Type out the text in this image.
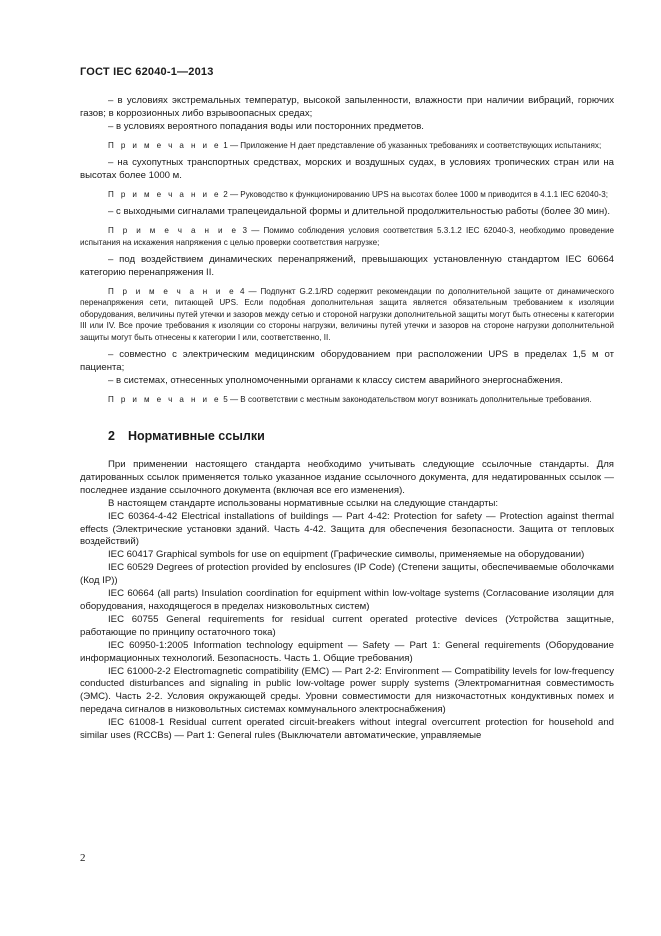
ГОСТ IEC 62040-1—2013

– в условиях экстремальных температур, высокой запыленности, влажности при наличии вибраций, горючих газов; в коррозионных либо взрывоопасных средах;

– в условиях вероятного попадания воды или посторонних предметов.

П р и м е ч а н и е 1 — Приложение H дает представление об указанных требованиях и соответствующих испытаниях;

– на сухопутных транспортных средствах, морских и воздушных судах, в условиях тропических стран или на высотах более 1000 м.

П р и м е ч а н и е 2 — Руководство к функционированию UPS на высотах более 1000 м приводится в 4.1.1 IEC 62040-3;

– с выходными сигналами трапецеидальной формы и длительной продолжительностью работы (более 30 мин).

П р и м е ч а н и е 3 — Помимо соблюдения условия соответствия 5.3.1.2 IEC 62040-3, необходимо проведение испытания на искажения напряжения с целью проверки соответствия нагрузке;

– под воздействием динамических перенапряжений, превышающих установленную стандартом IEC 60664 категорию перенапряжения II.

П р и м е ч а н и е 4 — Подпункт G.2.1/RD содержит рекомендации по дополнительной защите от динамического перенапряжения сети, питающей UPS. Если подобная дополнительная защита является обязательным требованием к изоляции оборудования, величины путей утечки и зазоров между сетью и стороной нагрузки дополнительной защиты могут быть отнесены к категории III или IV. Все прочие требования к изоляции со стороны нагрузки, величины путей утечки и зазоров на стороне нагрузки дополнительной защиты могут быть отнесены к категории I или, соответственно, II.

– совместно с электрическим медицинским оборудованием при расположении UPS в пределах 1,5 м от пациента;

– в системах, отнесенных уполномоченными органами к классу систем аварийного энергоснабжения.

П р и м е ч а н и е 5 — В соответствии с местным законодательством могут возникать дополнительные требования.

2 Нормативные ссылки

При применении настоящего стандарта необходимо учитывать следующие ссылочные стандарты. Для датированных ссылок применяется только указанное издание ссылочного документа, для недатированных ссылок — последнее издание ссылочного документа (включая все его изменения).

В настоящем стандарте использованы нормативные ссылки на следующие стандарты:

IEC 60364-4-42 Electrical installations of buildings — Part 4-42: Protection for safety — Protection against thermal effects (Электрические установки зданий. Часть 4-42. Защита для обеспечения безопасности. Защита от тепловых воздействий)

IEC 60417 Graphical symbols for use on equipment (Графические символы, применяемые на оборудовании)

IEC 60529 Degrees of protection provided by enclosures (IP Code) (Степени защиты, обеспечиваемые оболочками (Код IP))

IEC 60664 (all parts) Insulation coordination for equipment within low-voltage systems (Согласование изоляции для оборудования, находящегося в пределах низковольтных систем)

IEC 60755 General requirements for residual current operated protective devices (Устройства защитные, работающие по принципу остаточного тока)

IEC 60950-1:2005 Information technology equipment — Safety — Part 1: General requirements (Оборудование информационных технологий. Безопасность. Часть 1. Общие требования)

IEC 61000-2-2 Electromagnetic compatibility (EMC) — Part 2-2: Environment — Compatibility levels for low-frequency conducted disturbances and signaling in public low-voltage power supply systems (Электромагнитная совместимость (ЭМС). Часть 2-2. Условия окружающей среды. Уровни совместимости для низкочастотных кондуктивных помех и передача сигналов в низковольтных системах коммунального электроснабжения)

IEC 61008-1 Residual current operated circuit-breakers without integral overcurrent protection for household and similar uses (RCCBs) — Part 1: General rules (Выключатели автоматические, управляемые

2
